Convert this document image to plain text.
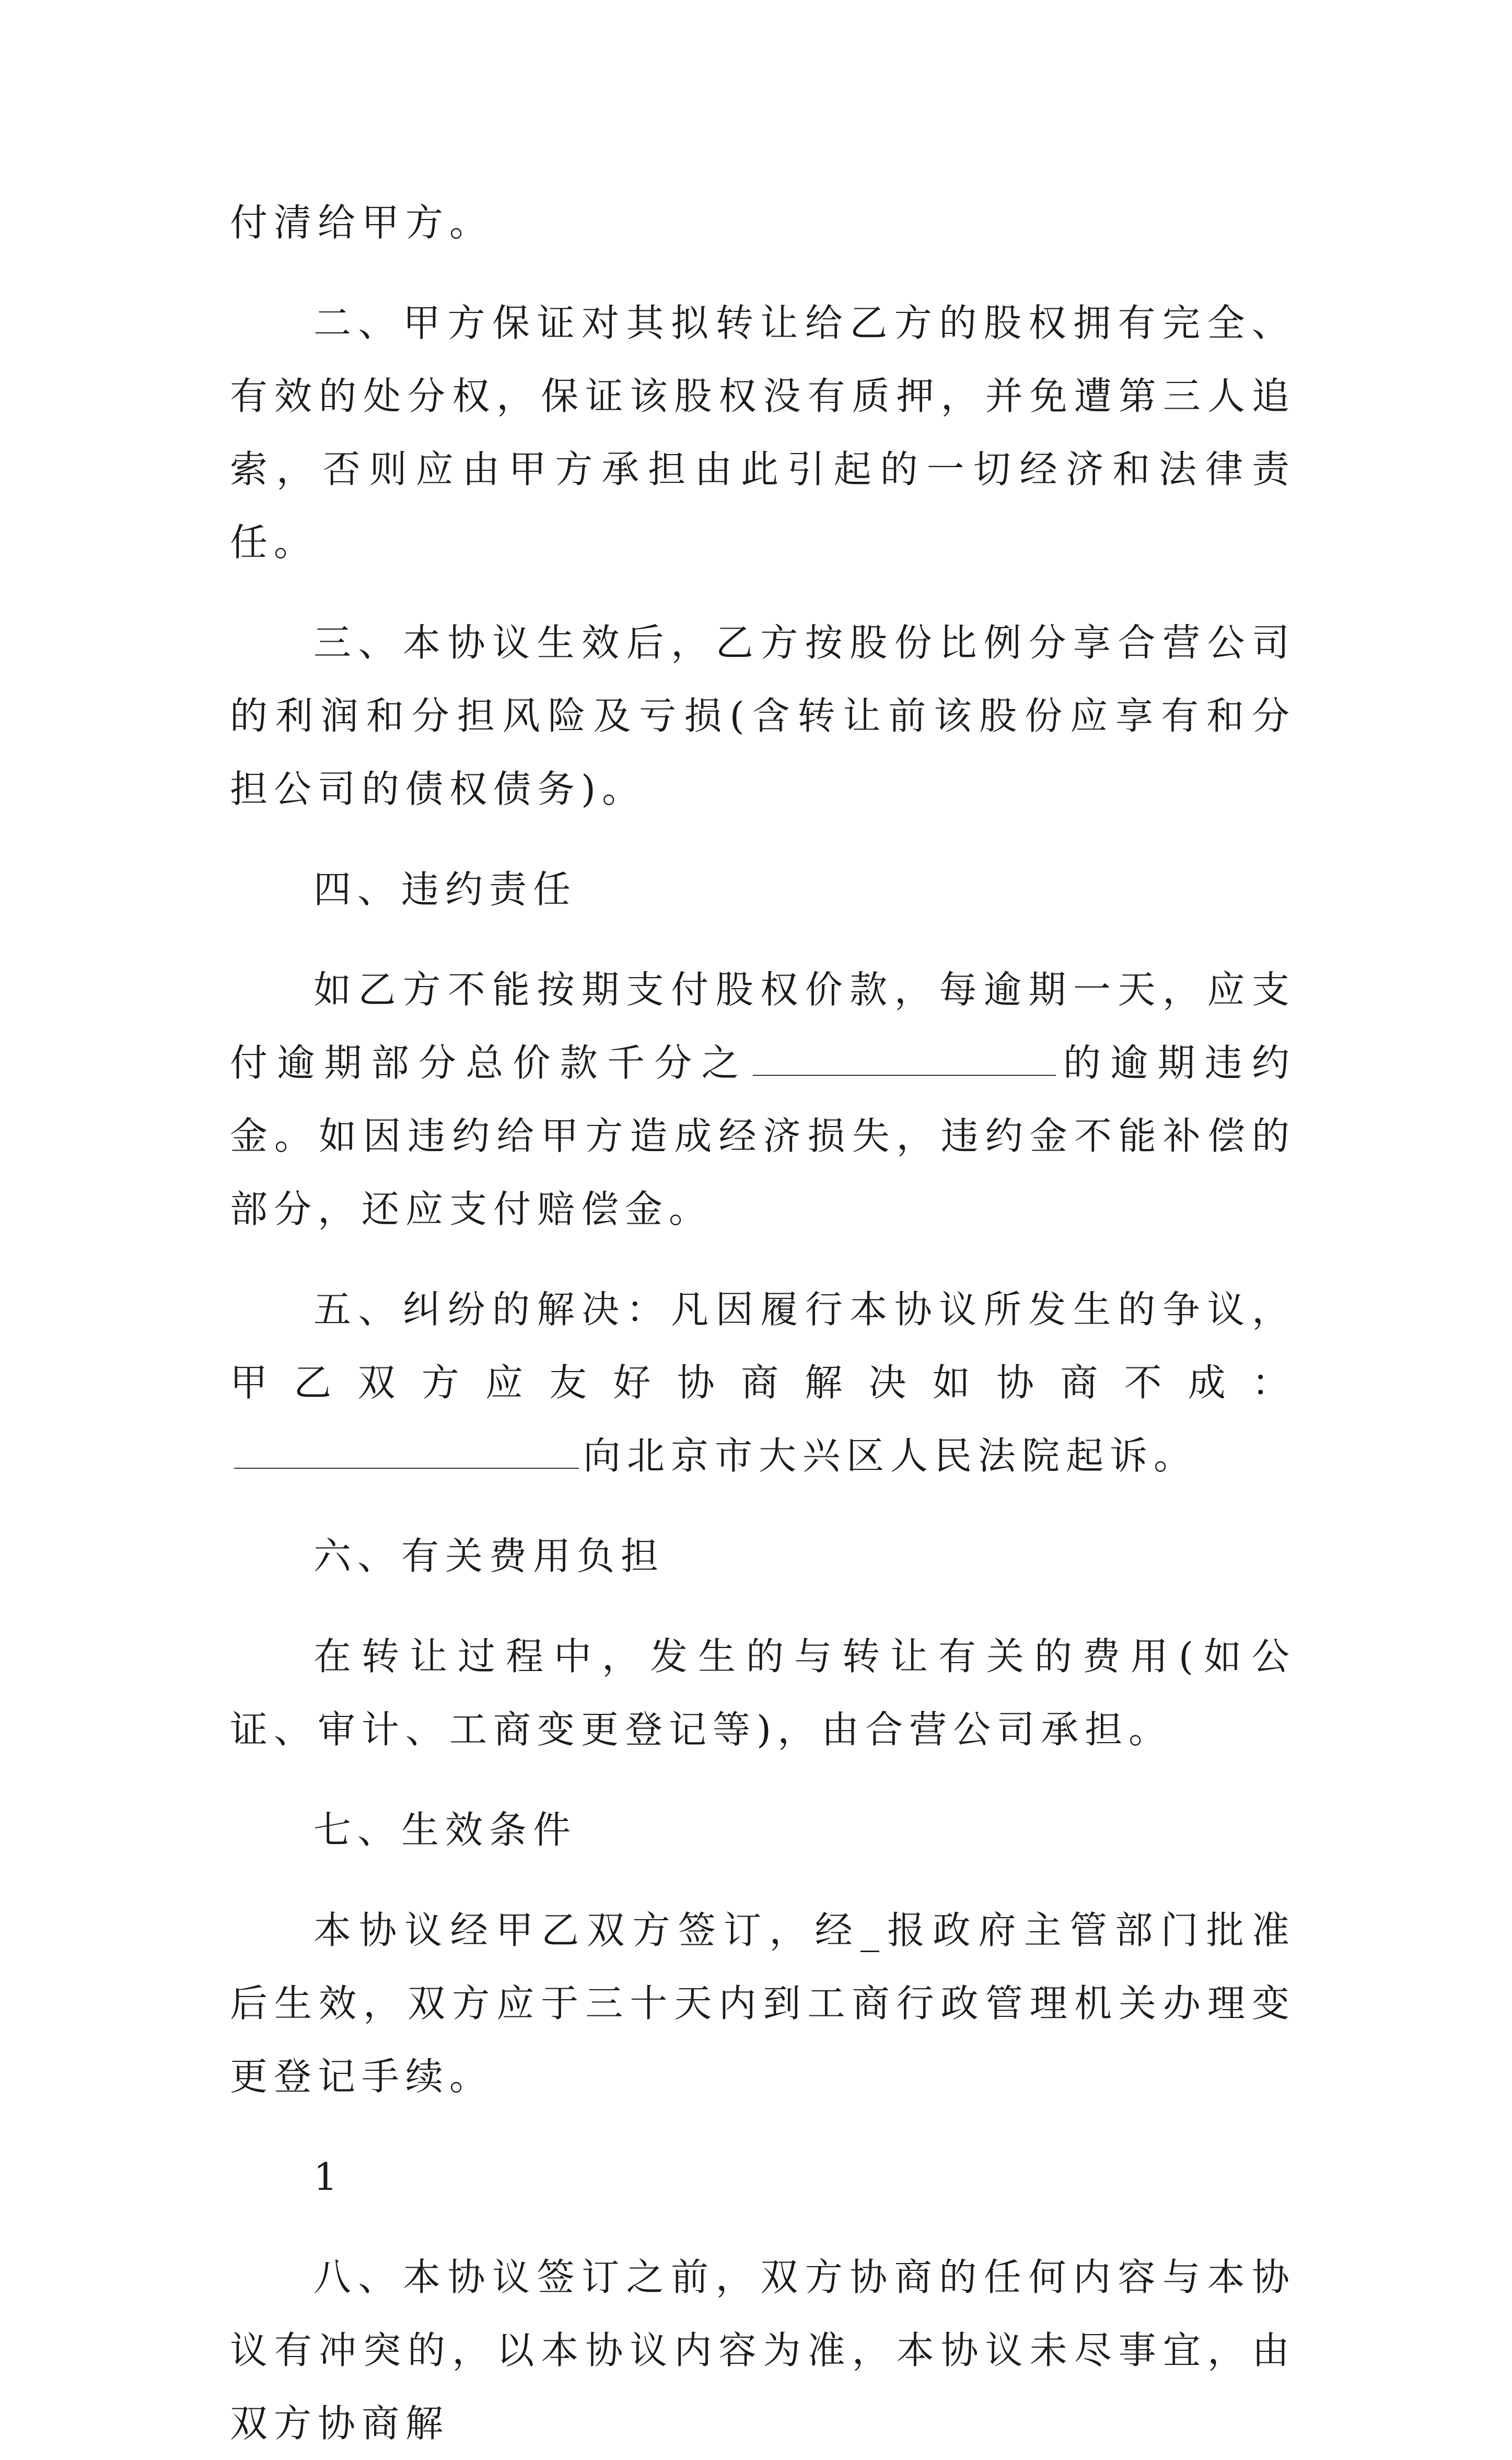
付清给甲方。

二、甲方保证对其拟转让给乙方的股权拥有完全、有效的处分权，保证该股权没有质押，并免遭第三人追索，否则应由甲方承担由此引起的一切经济和法律责任。

三、本协议生效后，乙方按股份比例分享合营公司的利润和分担风险及亏损(含转让前该股份应享有和分担公司的债权债务)。

四、违约责任

如乙方不能按期支付股权价款，每逾期一天，应支付逾期部分总价款千分之	的逾期违约金。如因违约给甲方造成经济损失，违约金不能补偿的部分，还应支付赔偿金。

五、纠纷的解决：凡因履行本协议所发生的争议，甲乙双方应友好协商解决如协商不成：向北京市大兴区人民法院起诉。

六、有关费用负担

在转让过程中，发生的与转让有关的费用(如公证、审计、工商变更登记等)，由合营公司承担。

七、生效条件

本协议经甲乙双方签订，经_报政府主管部门批准后生效，双方应于三十天内到工商行政管理机关办理变更登记手续。

1

八、本协议签订之前，双方协商的任何内容与本协议有冲突的，以本协议内容为准，本协议未尽事宜，由双方协商解
